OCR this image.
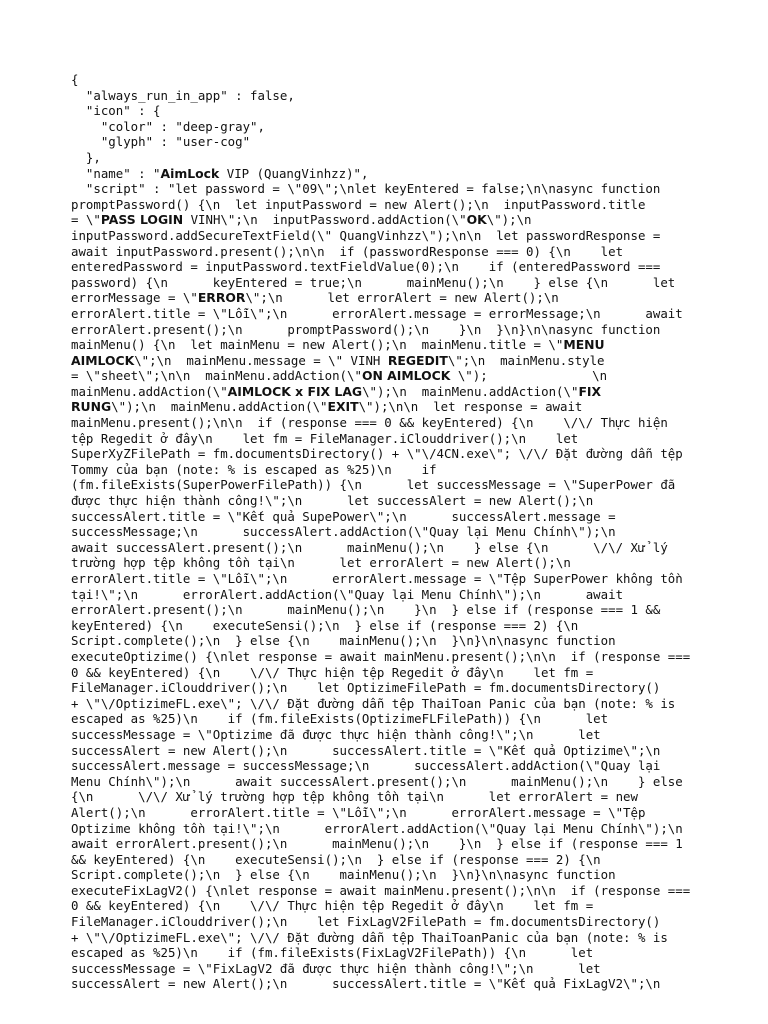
{
"always_run_in_app" : false,
"icon" : {
"color" : "deep-gray",
"glyph" : "user-cog"
},
"name" : "AimLock VIP (QuangVinhzz)",
"script" : "let password = \"09\";\nlet keyEntered = false;\n\nasync function
promptPassword() {\n  let inputPassword = new Alert();\n  inputPassword.title
= \"PASS LOGIN VINH\";\n  inputPassword.addAction(\"OK\");\n
inputPassword.addSecureTextField(\" QuangVinhzz\");\n\n  let passwordResponse =
await inputPassword.present();\n\n  if (passwordResponse === 0) {\n    let
enteredPassword = inputPassword.textFieldValue(0);\n    if (enteredPassword ===
password) {\n      keyEntered = true;\n      mainMenu();\n    } else {\n      let
errorMessage = \"ERROR\";\n      let errorAlert = new Alert();\n
errorAlert.title = \"Lỗi\";\n      errorAlert.message = errorMessage;\n      await
errorAlert.present();\n      promptPassword();\n    }\n  }\n}\n\nasync function
mainMenu() {\n  let mainMenu = new Alert();\n  mainMenu.title = \"MENU
AIMLOCK\";\n  mainMenu.message = \" VINH REGEDIT\";\n  mainMenu.style
= \"sheet\";\n\n  mainMenu.addAction(\"ON AIMLOCK \");              \n
mainMenu.addAction(\"AIMLOCK x FIX LAG\");\n  mainMenu.addAction(\"FIX
RUNG\");\n  mainMenu.addAction(\"EXIT\");\n\n  let response = await
mainMenu.present();\n\n  if (response === 0 && keyEntered) {\n    \/\/ Thực hiện
tệp Regedit ở đây\n    let fm = FileManager.iClouddriver();\n    let
SuperXyZFilePath = fm.documentsDirectory() + \"\/4CN.exe\"; \/\/ Đặt đường dẫn tệp
Tommy của bạn (note: % is escaped as %25)\n    if
(fm.fileExists(SuperPowerFilePath)) {\n      let successMessage = \"SuperPower đã
được thực hiện thành công!\";\n      let successAlert = new Alert();\n
successAlert.title = \"Kết quả SupePower\";\n      successAlert.message =
successMessage;\n      successAlert.addAction(\"Quay lại Menu Chính\");\n
await successAlert.present();\n      mainMenu();\n    } else {\n      \/\/ Xử lý
trường hợp tệp không tồn tại\n      let errorAlert = new Alert();\n
errorAlert.title = \"Lỗi\";\n      errorAlert.message = \"Tệp SuperPower không tồn
tại!\";\n      errorAlert.addAction(\"Quay lại Menu Chính\");\n      await
errorAlert.present();\n      mainMenu();\n    }\n  } else if (response === 1 &&
keyEntered) {\n    executeSensi();\n  } else if (response === 2) {\n
Script.complete();\n  } else {\n    mainMenu();\n  }\n}\n\nasync function
executeOptizime() {\nlet response = await mainMenu.present();\n\n  if (response ===
0 && keyEntered) {\n    \/\/ Thực hiện tệp Regedit ở đây\n    let fm =
FileManager.iClouddriver();\n    let OptizimeFilePath = fm.documentsDirectory()
+ \"\/OptizimeFL.exe\"; \/\/ Đặt đường dẫn tệp ThaiToan Panic của bạn (note: % is
escaped as %25)\n    if (fm.fileExists(OptizimeFLFilePath)) {\n      let
successMessage = \"Optizime đã được thực hiện thành công!\";\n      let
successAlert = new Alert();\n      successAlert.title = \"Kết quả Optizime\";\n
successAlert.message = successMessage;\n      successAlert.addAction(\"Quay lại
Menu Chính\");\n      await successAlert.present();\n      mainMenu();\n    } else
{\n      \/\/ Xử lý trường hợp tệp không tồn tại\n      let errorAlert = new
Alert();\n      errorAlert.title = \"Lỗi\";\n      errorAlert.message = \"Tệp
Optizime không tồn tại!\";\n      errorAlert.addAction(\"Quay lại Menu Chính\");\n
await errorAlert.present();\n      mainMenu();\n    }\n  } else if (response === 1
&& keyEntered) {\n    executeSensi();\n  } else if (response === 2) {\n
Script.complete();\n  } else {\n    mainMenu();\n  }\n}\n\nasync function
executeFixLagV2() {\nlet response = await mainMenu.present();\n\n  if (response ===
0 && keyEntered) {\n    \/\/ Thực hiện tệp Regedit ở đây\n    let fm =
FileManager.iClouddriver();\n    let FixLagV2FilePath = fm.documentsDirectory()
+ \"\/OptizimeFL.exe\"; \/\/ Đặt đường dẫn tệp ThaiToanPanic của bạn (note: % is
escaped as %25)\n    if (fm.fileExists(FixLagV2FilePath)) {\n      let
successMessage = \"FixLagV2 đã được thực hiện thành công!\";\n      let
successAlert = new Alert();\n      successAlert.title = \"Kết quả FixLagV2\";\n
